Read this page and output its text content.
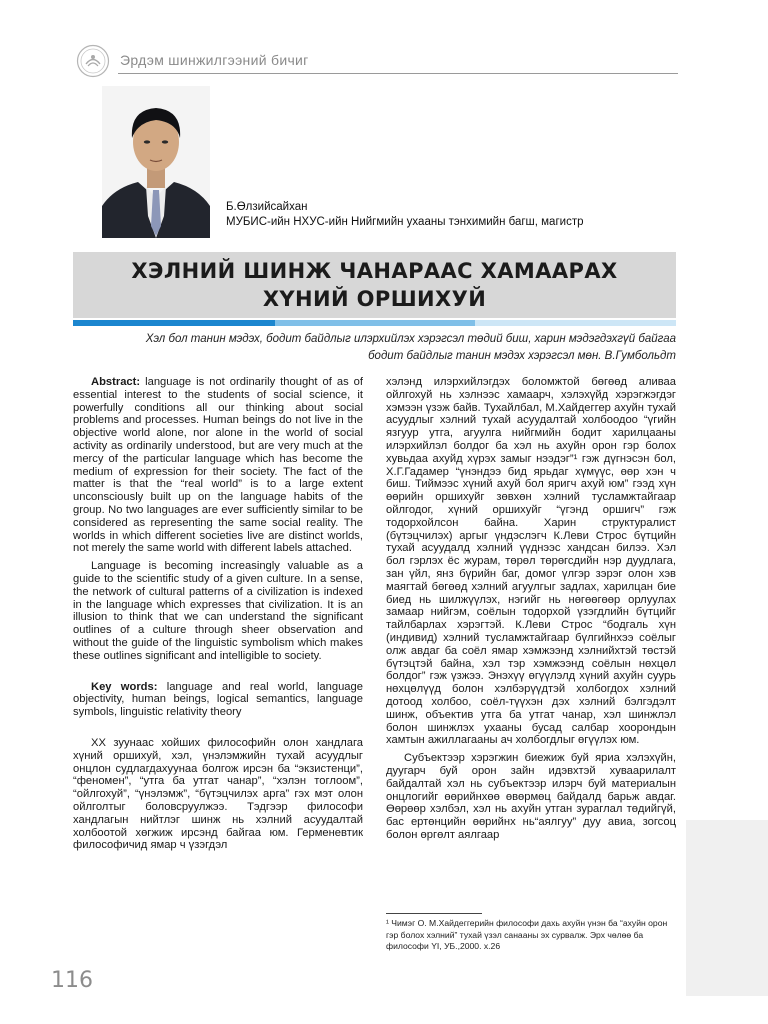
Эрдэм шинжилгээний бичиг
Б.Өлзийсайхан
МУБИС-ийн НХУС-ийн Нийгмийн ухааны тэнхимийн багш, магистр
ХЭЛНИЙ ШИНЖ ЧАНАРААС ХАМААРАХ ХҮНИЙ ОРШИХУЙ
Хэл бол танин мэдэх, бодит байдлыг илэрхийлэх хэрэгсэл төдий биш, харин мэдэгдэхгүй байгаа
бодит байдлыг танин мэдэх хэрэгсэл мөн. В.Гумбольдт

Abstract: language is not ordinarily thought of as of essential interest to the students of social science, it powerfully conditions all our thinking about social problems and processes. Human beings do not live in the objective world alone, nor alone in the world of social activity as ordinarily understood, but are very much at the mercy of the particular language which has become the medium of expression for their society. The fact of the matter is that the “real world” is to a large extent unconsciously built up on the language habits of the group. No two languages are ever sufficiently similar to be considered as representing the same social reality. The worlds in which different societies live are distinct worlds, not merely the same world with different labels attached.

Language is becoming increasingly valuable as a guide to the scientific study of a given culture. In a sense, the network of cultural patterns of a civilization is indexed in the language which expresses that civilization. It is an illusion to think that we can understand the significant outlines of a culture through sheer observation and without the guide of the linguistic symbolism which makes these outlines significant and intelligible to society.

Key words: language and real world, language objectivity, human beings, logical semantics, language symbols, linguistic relativity theory

XX зуунаас хойших философийн олон хандлага хүний оршихуй, хэл, үнэлэмжийн тухай асуудлыг онцлон судлагдахуунаа болгож ирсэн ба “экзистенци”, “феномен”, “утга ба утгат чанар”, “хэлэн тоглоом”, “ойлгохуй”, “үнэлэмж”, “бүтэцчилэх арга” гэх мэт олон ойлголтыг боловсруулжээ. Тэдгээр философи хандлагын нийтлэг шинж нь хэлний асуудалтай холбоотой хөгжиж ирсэнд байгаа юм. Герменевтик философичид ямар ч үзэгдэл

хэлэнд илэрхийлэгдэх боломжтой бөгөөд аливаа ойлгохуй нь хэлнээс хамаарч, хэлэхүйд хэрэгжэгдэг хэмээн үзэж байв. Тухайлбал, М.Хайдеггер ахуйн тухай асуудлыг хэлний тухай асуудалтай холбоодоо “үгийн язгуур утга, агуулга нийгмийн бодит харилцааны илэрхийлэл болдог ба хэл нь ахуйн орон гэр болох хувьдаа ахуйд хүрэх замыг нээдэг”¹ гэж дүгнэсэн бол, Х.Г.Гадамер “үнэндээ бид ярьдаг хүмүүс, өөр хэн ч биш. Тиймээс хүний ахуй бол яригч ахуй юм” гээд хүн өөрийн оршихуйг зөвхөн хэлний тусламжтайгаар ойлгодог, хүний оршихуйг “үгэнд оршигч” гэж тодорхойлсон байна. Харин структуралист (бүтэцчилэх) аргыг үндэслэгч К.Леви Строс бүтцийн тухай асуудалд хэлний үүднээс хандсан билээ. Хэл бол гэрлэх ёс журам, төрөл төрөгсдийн нэр дуудлага, зан үйл, янз бүрийн баг, домог үлгэр зэрэг олон хэв маягтай бөгөөд хэлний агуулгыг задлах, харилцан бие биед нь шилжүүлэх, нэгийг нь нөгөөгөөр орлуулах замаар нийгэм, соёлын тодорхой үзэгдлийн бүтцийг тайлбарлах хэрэгтэй. К.Леви Строс “бодгаль хүн (индивид) хэлний тусламжтайгаар бүлгийнхээ соёлыг олж авдаг ба соёл ямар хэмжээнд хэлнийхтэй төстэй бүтэцтэй байна, хэл тэр хэмжээнд соёлын нөхцөл болдог” гэж үзжээ. Энэхүү өгүүлэлд хүний ахуйн суурь нөхцөлүүд болон хэлбэрүүдтэй холбогдох хэлний дотоод холбоо, соёл-түүхэн дэх хэлний бэлгэдэлт шинж, объектив утга ба утгат чанар, хэл шинжлэл болон шинжлэх ухааны бусад салбар хоорондын хамтын ажиллагааны ач холбогдлыг өгүүлэх юм.

Субъектээр хэрэгжин биежиж буй яриа хэлэхүйн, дуугарч буй орон зайн идэвхтэй хуваарилалт байдалтай хэл нь субъектээр илэрч буй материалын онцлогийг өөрийнхөө өвөрмөц байдалд барьж авдаг. Өөрөөр хэлбэл, хэл нь ахуйн утган зураглал төдийгүй, бас ертөнцийн өөрийнх нь“аялгуу” дуу авиа, зогсоц болон өргөлт аялгаар

¹ Чимэг О. М.Хайдеггерийн философи дахь ахуйн үнэн ба “ахуйн орон гэр болох хэлний” тухай үзэл санааны эх сурвалж. Эрх чөлөө ба философи YI, УБ.,2000. х.26
116
